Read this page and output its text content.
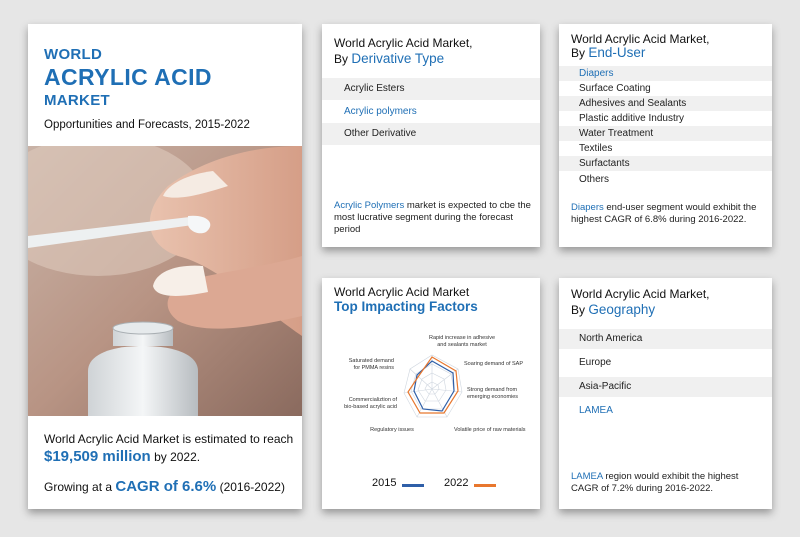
WORLD
ACRYLIC ACID
MARKET
Opportunities and Forecasts, 2015-2022
World Acrylic Acid Market is estimated to reach $19,509 million by 2022.
Growing at a CAGR of 6.6% (2016-2022)
World Acrylic Acid Market,
By Derivative Type
Acrylic Esters
Acrylic polymers
Other Derivative
Acrylic Polymers market is expected to cbe the most lucrative segment during the forecast period
World Acrylic Acid Market,
By End-User
Diapers
Surface Coating
Adhesives and Sealants
Plastic additive Industry
Water Treatment
Textiles
Surfactants
Others
Diapers end-user segment would exhibit the highest CAGR of 6.8% during 2016-2022.
World Acrylic Acid Market
Top Impacting Factors
Rapid increase in adhesive
and sealants market
Soaring demand of SAP
Strong demand from
emerging economies
Volatile price of raw materials
Regulatory issues
Commercializtion of
bio-based acrylic acid
Saturated demand
for PMMA resins
2015	2022
World Acrylic Acid Market,
By Geography
North America
Europe
Asia-Pacific
LAMEA
LAMEA region would exhibit the highest CAGR of 7.2% during 2016-2022.
